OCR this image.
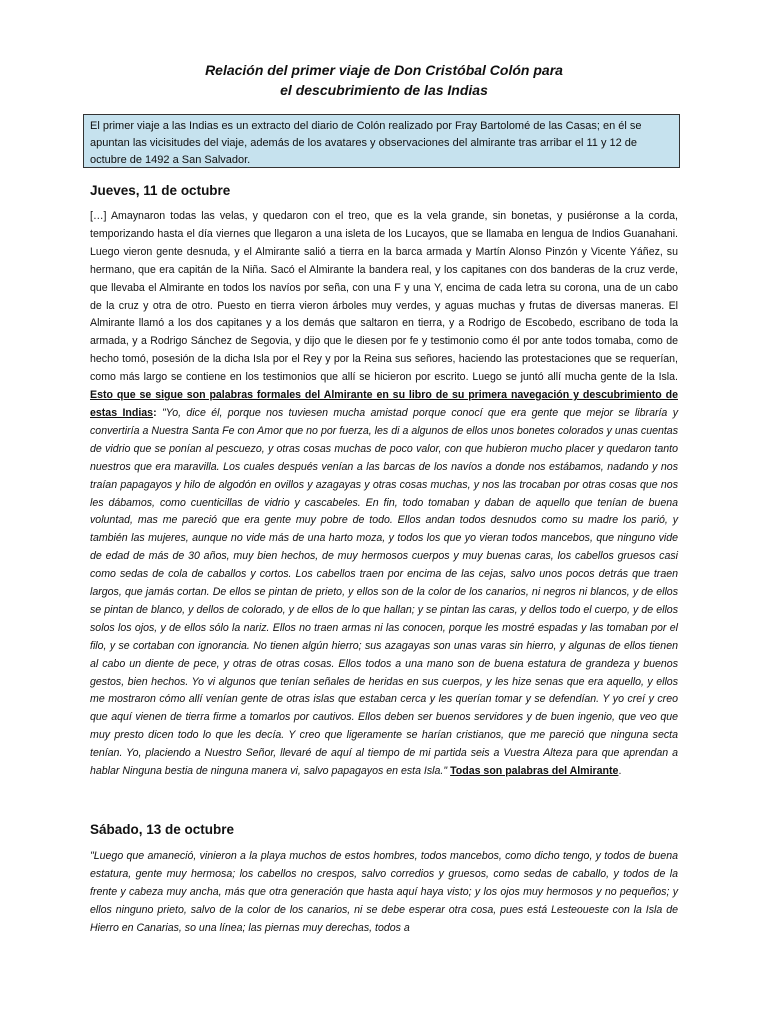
Relación del primer viaje de Don Cristóbal Colón para
el descubrimiento de las Indias
El primer viaje a las Indias es un extracto del diario de Colón realizado por Fray Bartolomé de las Casas; en él se apuntan las vicisitudes del viaje, además de los avatares y observaciones del almirante tras arribar el 11 y 12 de octubre de 1492 a San Salvador.
Jueves, 11 de octubre
[…] Amaynaron todas las velas, y quedaron con el treo, que es la vela grande, sin bonetas, y pusiéronse a la corda, temporizando hasta el día viernes que llegaron a una isleta de los Lucayos, que se llamaba en lengua de Indios Guanahani. Luego vieron gente desnuda, y el Almirante salió a tierra en la barca armada y Martín Alonso Pinzón y Vicente Yáñez, su hermano, que era capitán de la Niña. Sacó el Almirante la bandera real, y los capitanes con dos banderas de la cruz verde, que llevaba el Almirante en todos los navíos por seña, con una F y una Y, encima de cada letra su corona, una de un cabo de la cruz y otra de otro. Puesto en tierra vieron árboles muy verdes, y aguas muchas y frutas de diversas maneras. El Almirante llamó a los dos capitanes y a los demás que saltaron en tierra, y a Rodrigo de Escobedo, escribano de toda la armada, y a Rodrigo Sánchez de Segovia, y dijo que le diesen por fe y testimonio como él por ante todos tomaba, como de hecho tomó, posesión de la dicha Isla por el Rey y por la Reina sus señores, haciendo las protestaciones que se requerían, como más largo se contiene en los testimonios que allí se hicieron por escrito. Luego se juntó allí mucha gente de la Isla. Esto que se sigue son palabras formales del Almirante en su libro de su primera navegación y descubrimiento de estas Indias: "Yo, dice él, porque nos tuviesen mucha amistad porque conocí que era gente que mejor se libraría y convertiría a Nuestra Santa Fe con Amor que no por fuerza, les di a algunos de ellos unos bonetes colorados y unas cuentas de vidrio que se ponían al pescuezo, y otras cosas muchas de poco valor, con que hubieron mucho placer y quedaron tanto nuestros que era maravilla. Los cuales después venían a las barcas de los navíos a donde nos estábamos, nadando y nos traían papagayos y hilo de algodón en ovillos y azagayas y otras cosas muchas, y nos las trocaban por otras cosas que nos les dábamos, como cuenticillas de vidrio y cascabeles. En fin, todo tomaban y daban de aquello que tenían de buena voluntad, mas me pareció que era gente muy pobre de todo. Ellos andan todos desnudos como su madre los parió, y también las mujeres, aunque no vide más de una harto moza, y todos los que yo vieran todos mancebos, que ninguno vide de edad de más de 30 años, muy bien hechos, de muy hermosos cuerpos y muy buenas caras, los cabellos gruesos casi como sedas de cola de caballos y cortos. Los cabellos traen por encima de las cejas, salvo unos pocos detrás que traen largos, que jamás cortan. De ellos se pintan de prieto, y ellos son de la color de los canarios, ni negros ni blancos, y de ellos se pintan de blanco, y dellos de colorado, y de ellos de lo que hallan; y se pintan las caras, y dellos todo el cuerpo, y de ellos solos los ojos, y de ellos sólo la nariz. Ellos no traen armas ni las conocen, porque les mostré espadas y las tomaban por el filo, y se cortaban con ignorancia. No tienen algún hierro; sus azagayas son unas varas sin hierro, y algunas de ellos tienen al cabo un diente de pece, y otras de otras cosas. Ellos todos a una mano son de buena estatura de grandeza y buenos gestos, bien hechos. Yo vi algunos que tenían señales de heridas en sus cuerpos, y les hize senas que era aquello, y ellos me mostraron cómo allí venían gente de otras islas que estaban cerca y les querían tomar y se defendían. Y yo creí y creo que aquí vienen de tierra firme a tomarlos por cautivos. Ellos deben ser buenos servidores y de buen ingenio, que veo que muy presto dicen todo lo que les decía. Y creo que ligeramente se harían cristianos, que me pareció que ninguna secta tenían. Yo, placiendo a Nuestro Señor, llevaré de aquí al tiempo de mi partida seis a Vuestra Alteza para que aprendan a hablar Ninguna bestia de ninguna manera vi, salvo papagayos en esta Isla." Todas son palabras del Almirante.
Sábado, 13 de octubre
"Luego que amaneció, vinieron a la playa muchos de estos hombres, todos mancebos, como dicho tengo, y todos de buena estatura, gente muy hermosa; los cabellos no crespos, salvo corredios y gruesos, como sedas de caballo, y todos de la frente y cabeza muy ancha, más que otra generación que hasta aquí haya visto; y los ojos muy hermosos y no pequeños; y ellos ninguno prieto, salvo de la color de los canarios, ni se debe esperar otra cosa, pues está Lesteoueste con la Isla de Hierro en Canarias, so una línea; las piernas muy derechas, todos a
